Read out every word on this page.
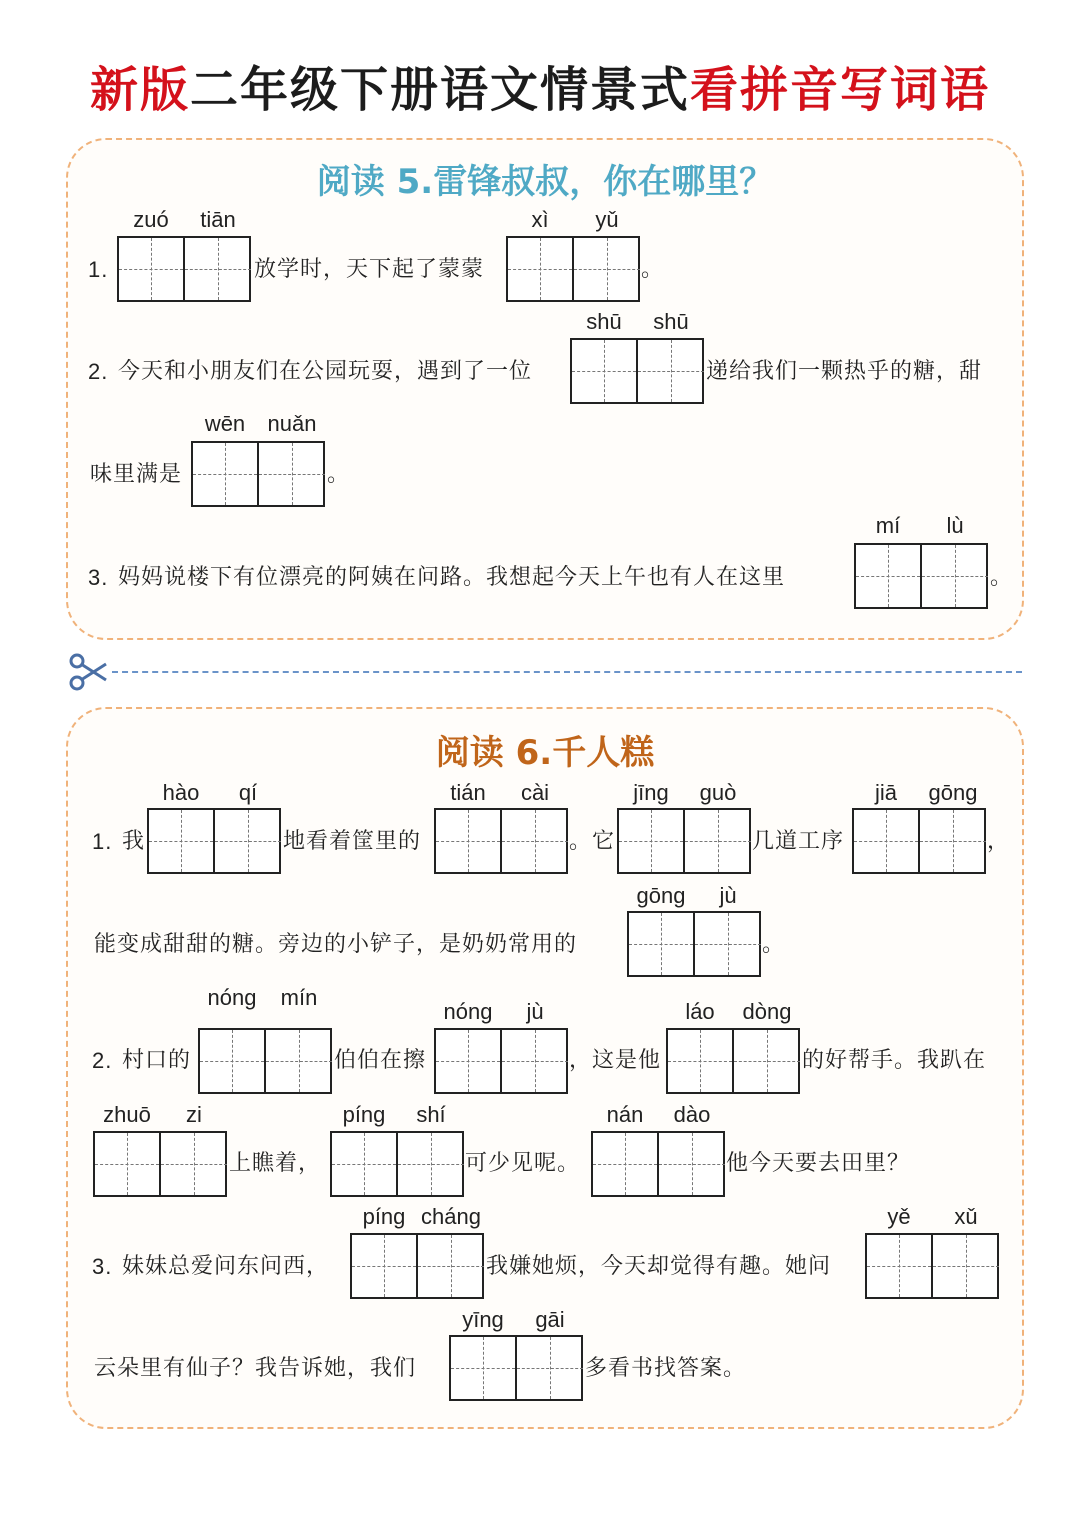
新版二年级下册语文情景式看拼音写词语
阅读 5.雷锋叔叔，你在哪里？
1.
zuó	tiān
放学时，天下起了蒙蒙
xì	yǔ
。
2. 今天和小朋友们在公园玩耍，遇到了一位
shū	shū
递给我们一颗热乎的糖，甜
味里满是
wēn	nuǎn
。
3. 妈妈说楼下有位漂亮的阿姨在问路。我想起今天上午也有人在这里
mí	lù
。
阅读 6.千人糕
1. 我
hào	qí
地看着筐里的
tián	cài
。它
jīng	guò
几道工序
jiā	gōng
，
能变成甜甜的糖。旁边的小铲子，是奶奶常用的
gōng	jù
。
2. 村口的
nóng	mín
伯伯在擦
nóng	jù
，这是他
láo	dòng
的好帮手。我趴在
zhuō	zi
上瞧着，
píng	shí
可少见呢。
nán	dào
他今天要去田里？
3. 妹妹总爱问东问西，
píng cháng
我嫌她烦，今天却觉得有趣。她问
yě	xǔ
云朵里有仙子？我告诉她，我们
yīng	gāi
多看书找答案。
